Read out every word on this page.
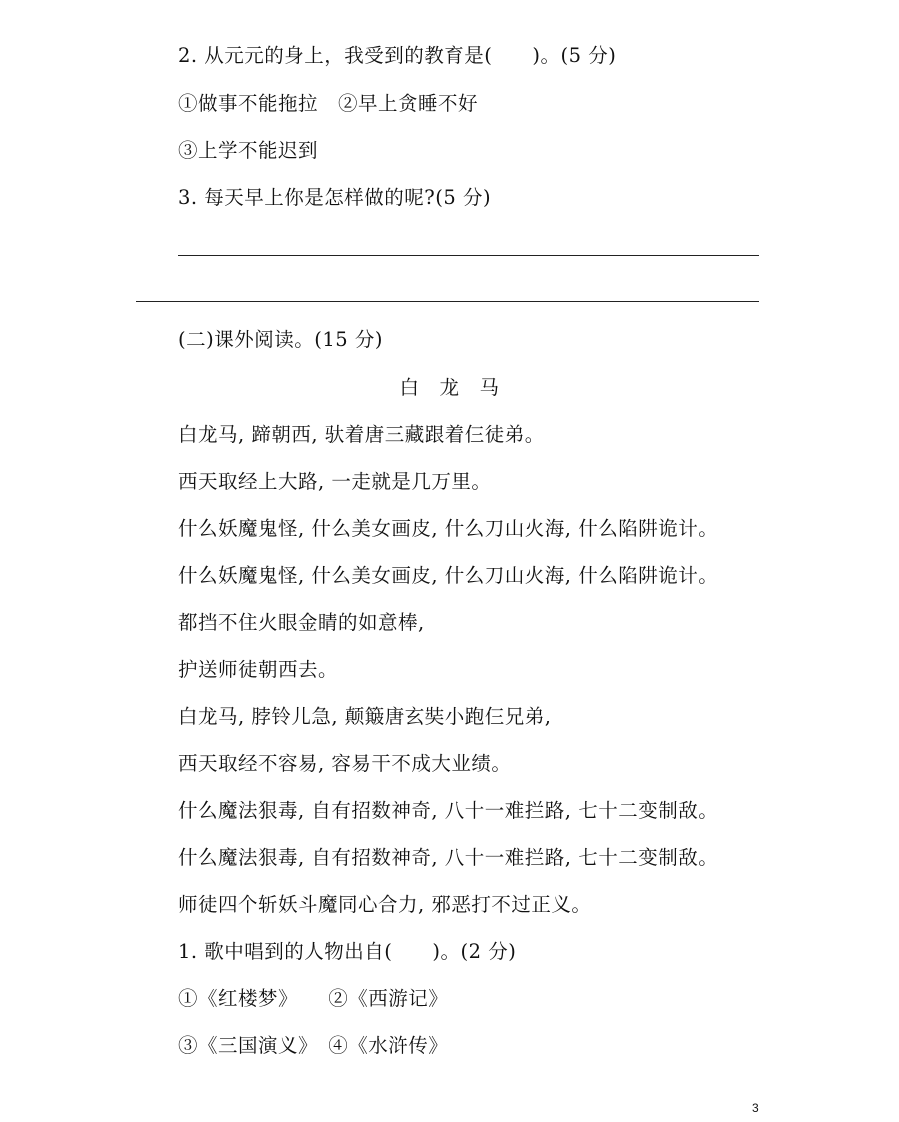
2. 从元元的身上，我受到的教育是(　　)。(5 分)
①做事不能拖拉　②早上贪睡不好
③上学不能迟到
3. 每天早上你是怎样做的呢?(5 分)
(二)课外阅读。(15 分)
白　龙　马
白龙马, 蹄朝西, 驮着唐三藏跟着仨徒弟。
西天取经上大路, 一走就是几万里。
什么妖魔鬼怪, 什么美女画皮, 什么刀山火海, 什么陷阱诡计。
什么妖魔鬼怪, 什么美女画皮, 什么刀山火海, 什么陷阱诡计。
都挡不住火眼金睛的如意棒,
护送师徒朝西去。
白龙马, 脖铃儿急, 颠簸唐玄奘小跑仨兄弟,
西天取经不容易, 容易干不成大业绩。
什么魔法狠毒, 自有招数神奇, 八十一难拦路, 七十二变制敌。
什么魔法狠毒, 自有招数神奇, 八十一难拦路, 七十二变制敌。
师徒四个斩妖斗魔同心合力, 邪恶打不过正义。
1. 歌中唱到的人物出自(　　)。(2 分)
①《红楼梦》　　②《西游记》
③《三国演义》　④《水浒传》
3
